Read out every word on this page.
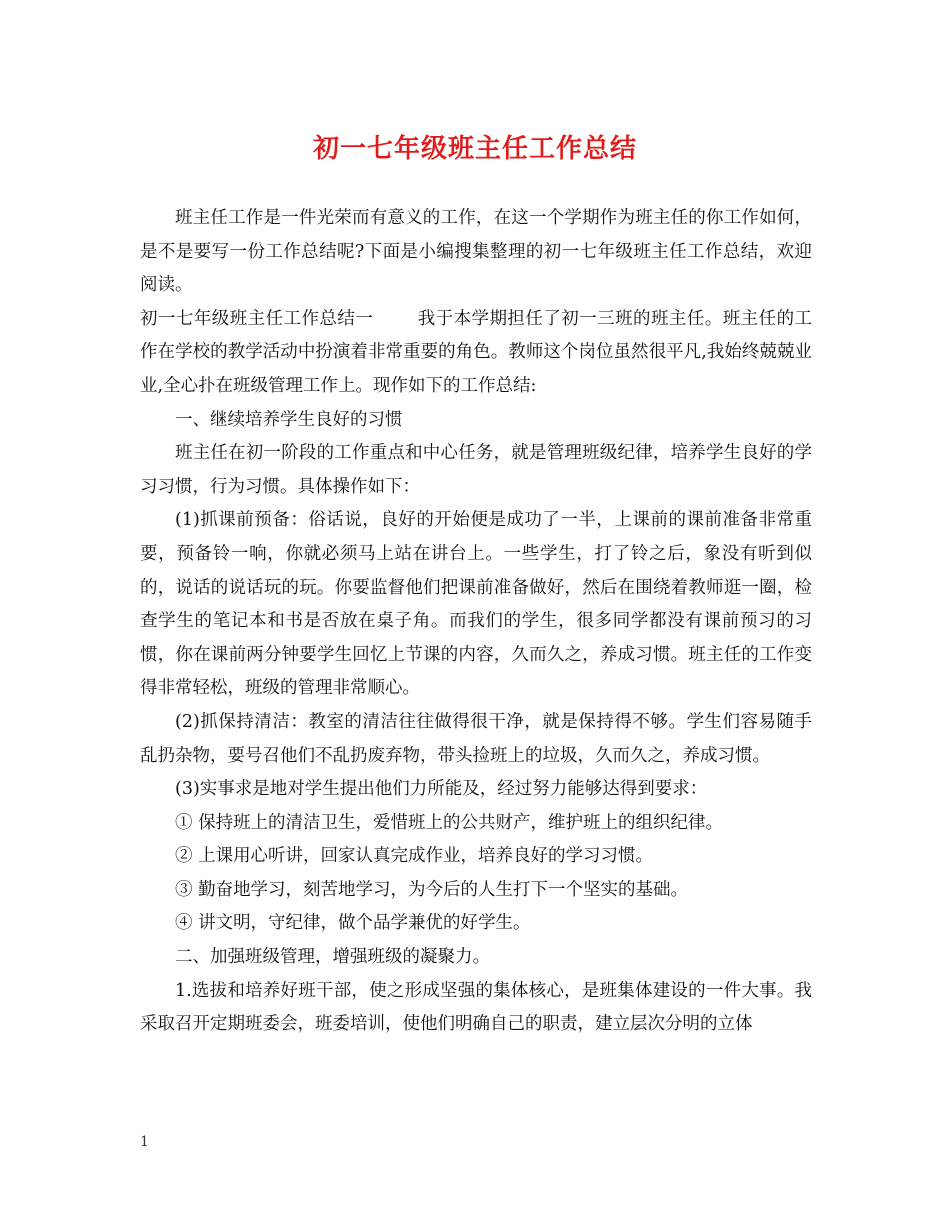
初一七年级班主任工作总结

班主任工作是一件光荣而有意义的工作，在这一个学期作为班主任的你工作如何，是不是要写一份工作总结呢?下面是小编搜集整理的初一七年级班主任工作总结，欢迎阅读。

初一七年级班主任工作总结一	我于本学期担任了初一三班的班主任。班主任的工作在学校的教学活动中扮演着非常重要的角色。教师这个岗位虽然很平凡,我始终兢兢业业,全心扑在班级管理工作上。现作如下的工作总结:

一、继续培养学生良好的习惯

班主任在初一阶段的工作重点和中心任务，就是管理班级纪律，培养学生良好的学习习惯，行为习惯。具体操作如下：

(1)抓课前预备：俗话说，良好的开始便是成功了一半，上课前的课前准备非常重要，预备铃一响，你就必须马上站在讲台上。一些学生，打了铃之后，象没有听到似的，说话的说话玩的玩。你要监督他们把课前准备做好，然后在围绕着教师逛一圈，检查学生的笔记本和书是否放在桌子角。而我们的学生，很多同学都没有课前预习的习惯，你在课前两分钟要学生回忆上节课的内容，久而久之，养成习惯。班主任的工作变得非常轻松，班级的管理非常顺心。

(2)抓保持清洁：教室的清洁往往做得很干净，就是保持得不够。学生们容易随手乱扔杂物，要号召他们不乱扔废弃物，带头捡班上的垃圾，久而久之，养成习惯。

(3)实事求是地对学生提出他们力所能及，经过努力能够达得到要求：

① 保持班上的清洁卫生，爱惜班上的公共财产，维护班上的组织纪律。

② 上课用心听讲，回家认真完成作业，培养良好的学习习惯。

③ 勤奋地学习，刻苦地学习，为今后的人生打下一个坚实的基础。

④ 讲文明，守纪律，做个品学兼优的好学生。

二、加强班级管理，增强班级的凝聚力。

1.选拔和培养好班干部，使之形成坚强的集体核心，是班集体建设的一件大事。我采取召开定期班委会，班委培训，使他们明确自己的职责，建立层次分明的立体

1
